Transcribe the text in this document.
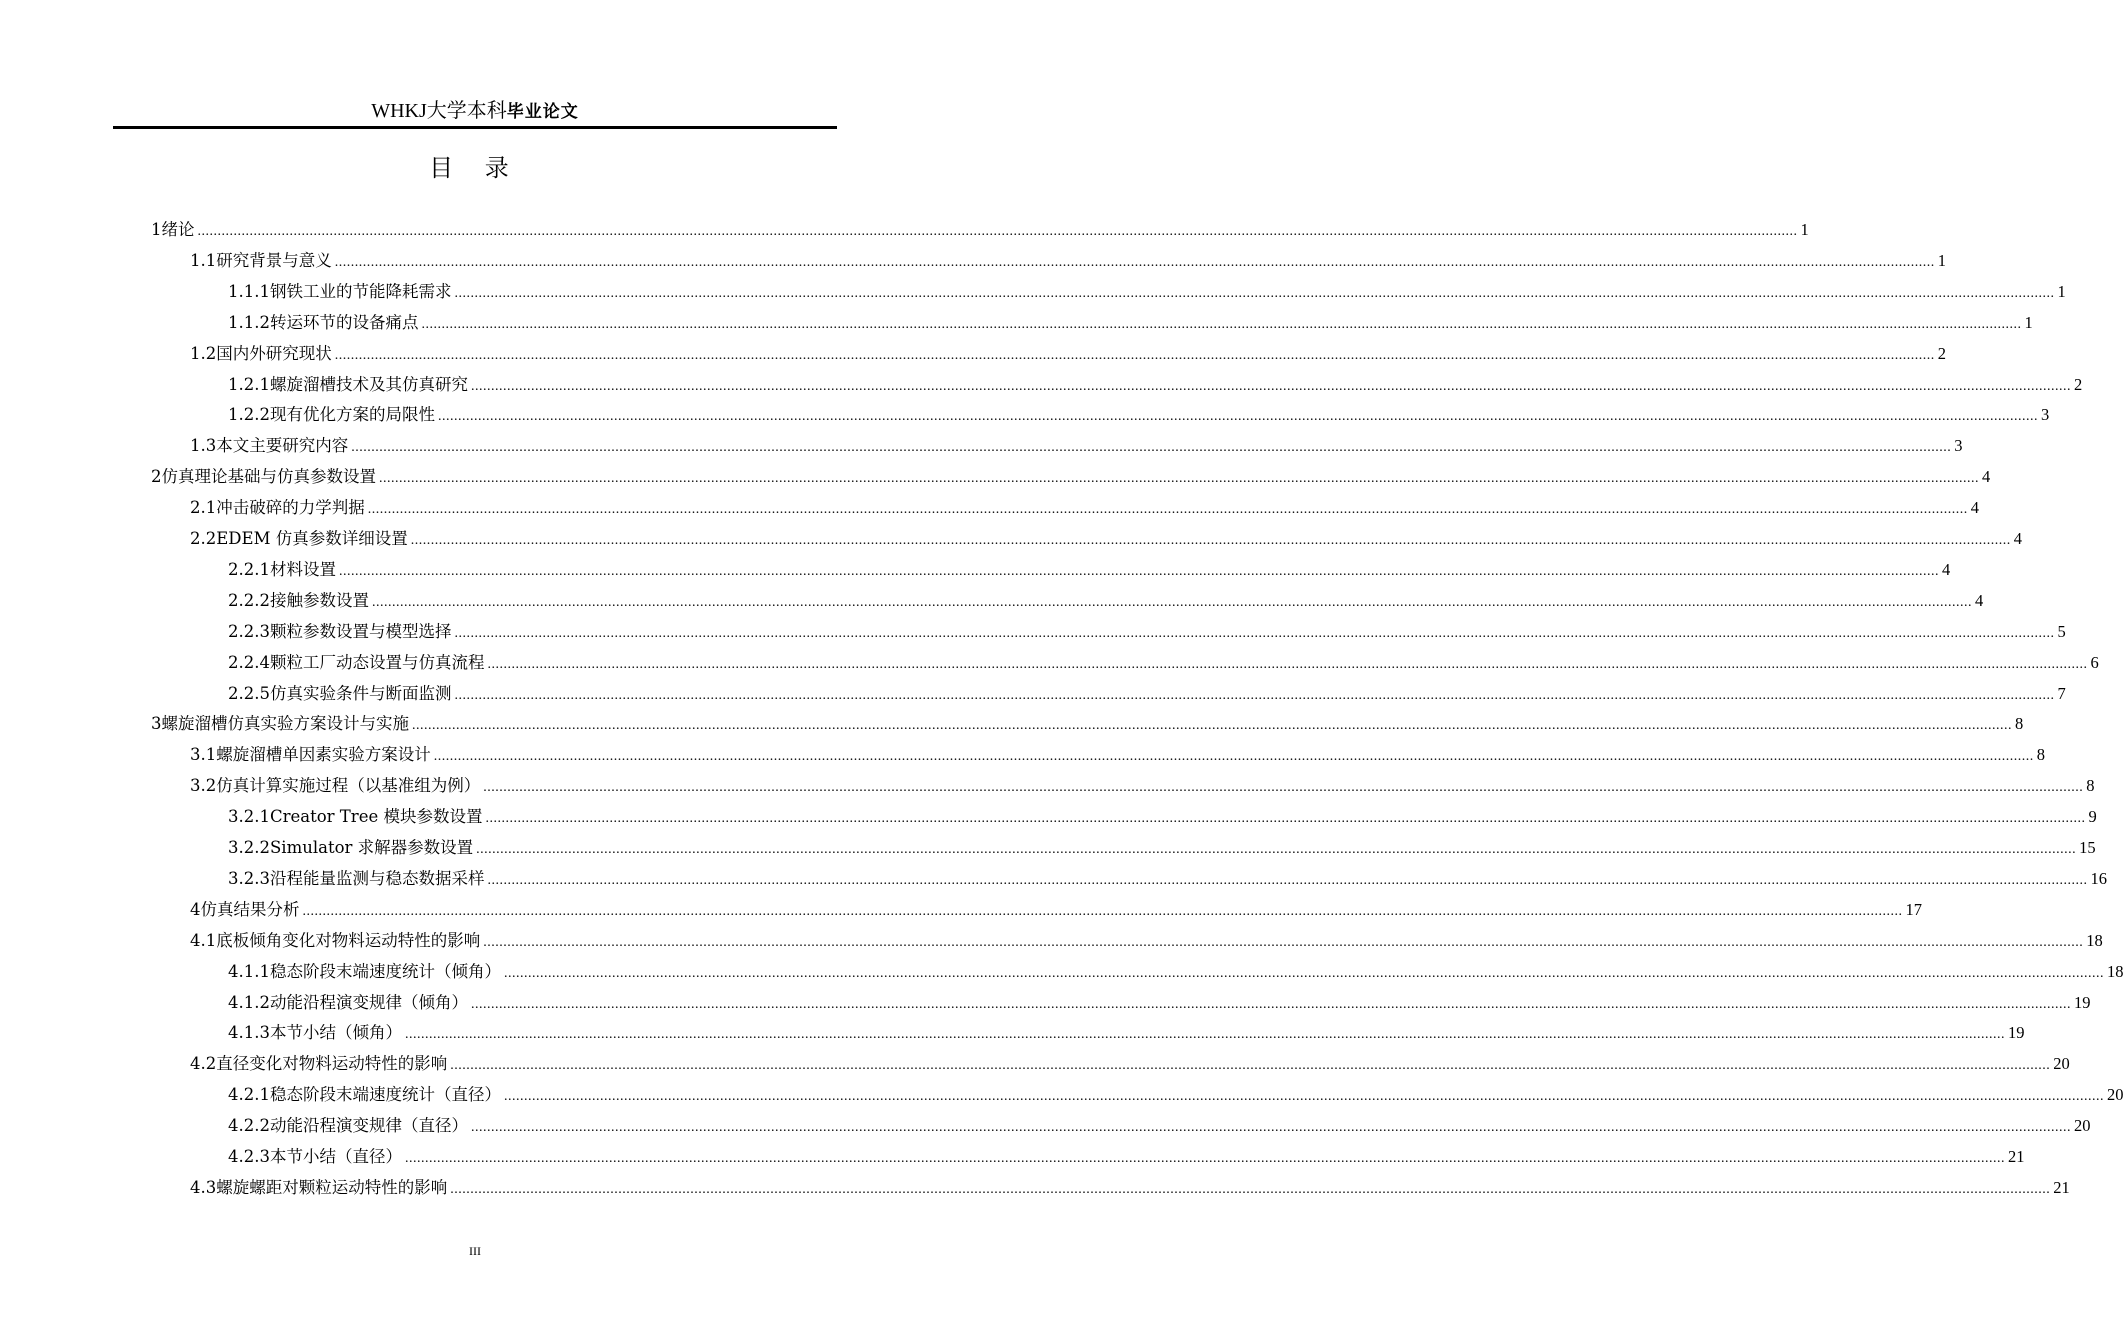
WHKJ大学本科毕业论文
目 录
1 绪论 ................................................................................................................................................................................................................................................................................................................................................................................................................ 1
1.1 研究背景与意义 ................................................................................................................................................................................................................................................................................................................................................................................................................ 1
1.1.1 钢铁工业的节能降耗需求 ................................................................................................................................................................................................................................................................................................................................................................................................................ 1
1.1.2 转运环节的设备痛点 ................................................................................................................................................................................................................................................................................................................................................................................................................ 1
1.2 国内外研究现状 ................................................................................................................................................................................................................................................................................................................................................................................................................ 2
1.2.1 螺旋溜槽技术及其仿真研究 ................................................................................................................................................................................................................................................................................................................................................................................................................ 2
1.2.2 现有优化方案的局限性 ................................................................................................................................................................................................................................................................................................................................................................................................................ 3
1.3 本文主要研究内容 ................................................................................................................................................................................................................................................................................................................................................................................................................ 3
2 仿真理论基础与仿真参数设置 ................................................................................................................................................................................................................................................................................................................................................................................................................ 4
2.1 冲击破碎的力学判据 ................................................................................................................................................................................................................................................................................................................................................................................................................ 4
2.2 EDEM 仿真参数详细设置 ................................................................................................................................................................................................................................................................................................................................................................................................................ 4
2.2.1 材料设置 ................................................................................................................................................................................................................................................................................................................................................................................................................ 4
2.2.2 接触参数设置 ................................................................................................................................................................................................................................................................................................................................................................................................................ 4
2.2.3 颗粒参数设置与模型选择 ................................................................................................................................................................................................................................................................................................................................................................................................................ 5
2.2.4 颗粒工厂动态设置与仿真流程 ................................................................................................................................................................................................................................................................................................................................................................................................................ 6
2.2.5 仿真实验条件与断面监测 ................................................................................................................................................................................................................................................................................................................................................................................................................ 7
3 螺旋溜槽仿真实验方案设计与实施 ................................................................................................................................................................................................................................................................................................................................................................................................................ 8
3.1 螺旋溜槽单因素实验方案设计 ................................................................................................................................................................................................................................................................................................................................................................................................................ 8
3.2 仿真计算实施过程（以基准组为例） ................................................................................................................................................................................................................................................................................................................................................................................................................ 8
3.2.1 Creator Tree 模块参数设置 ................................................................................................................................................................................................................................................................................................................................................................................................................ 9
3.2.2 Simulator 求解器参数设置 ................................................................................................................................................................................................................................................................................................................................................................................................................ 15
3.2.3 沿程能量监测与稳态数据采样 ................................................................................................................................................................................................................................................................................................................................................................................................................ 16
4 仿真结果分析 ................................................................................................................................................................................................................................................................................................................................................................................................................ 17
4.1 底板倾角变化对物料运动特性的影响 ................................................................................................................................................................................................................................................................................................................................................................................................................ 18
4.1.1 稳态阶段末端速度统计（倾角） ................................................................................................................................................................................................................................................................................................................................................................................................................ 18
4.1.2 动能沿程演变规律（倾角） ................................................................................................................................................................................................................................................................................................................................................................................................................ 19
4.1.3 本节小结（倾角） ................................................................................................................................................................................................................................................................................................................................................................................................................ 19
4.2 直径变化对物料运动特性的影响 ................................................................................................................................................................................................................................................................................................................................................................................................................ 20
4.2.1 稳态阶段末端速度统计（直径） ................................................................................................................................................................................................................................................................................................................................................................................................................ 20
4.2.2 动能沿程演变规律（直径） ................................................................................................................................................................................................................................................................................................................................................................................................................ 20
4.2.3 本节小结（直径） ................................................................................................................................................................................................................................................................................................................................................................................................................ 21
4.3 螺旋螺距对颗粒运动特性的影响 ................................................................................................................................................................................................................................................................................................................................................................................................................ 21
III
